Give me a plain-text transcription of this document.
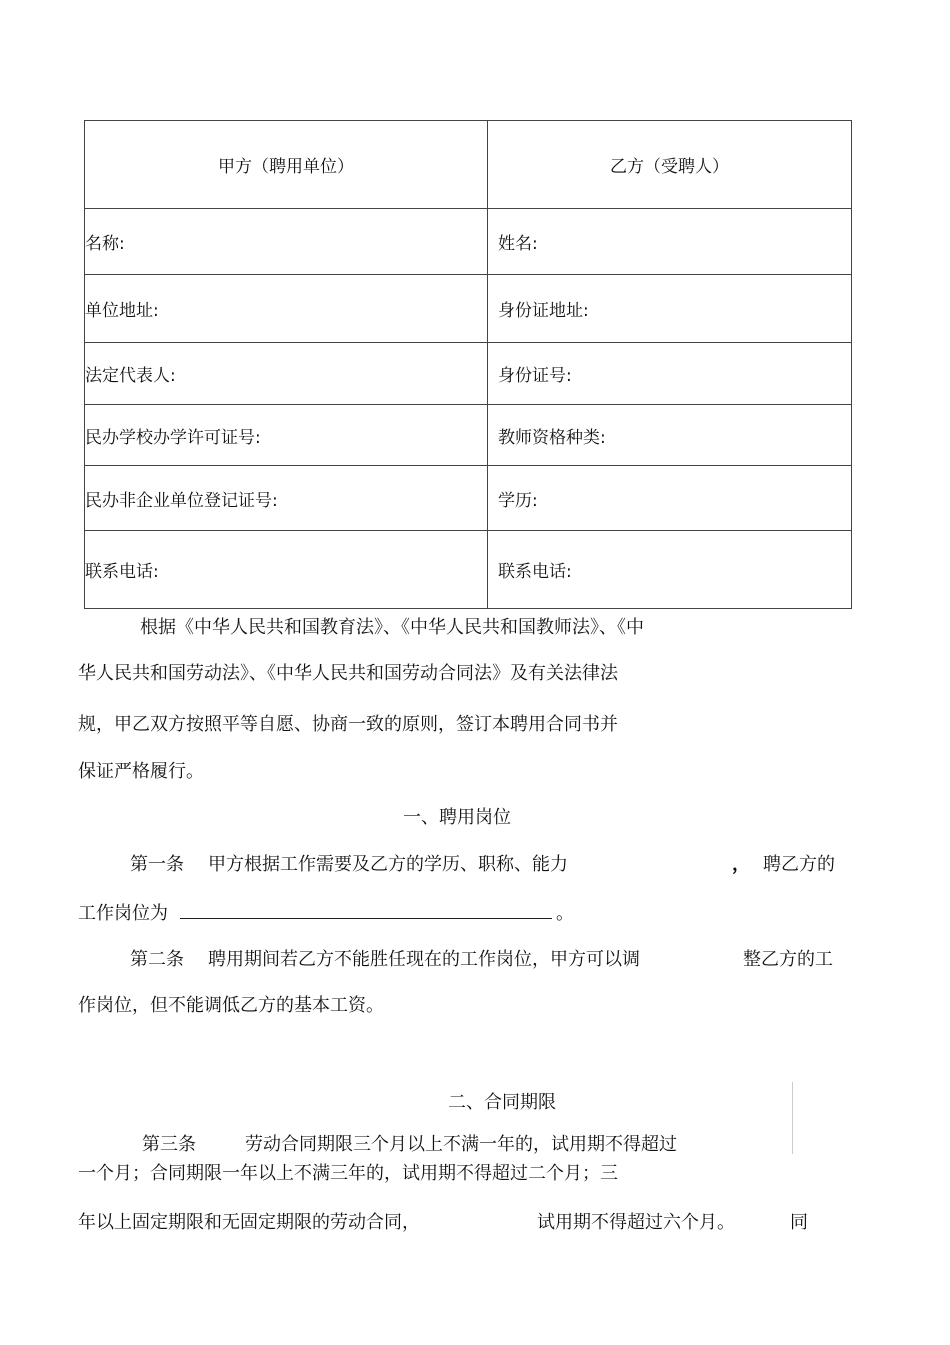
甲方（聘用单位）	乙方（受聘人）
名称:	姓名:
单位地址:	身份证地址:
法定代表人:	身份证号:
民办学校办学许可证号:	教师资格种类:
民办非企业单位登记证号:	学历:
联系电话:	联系电话:
根据《中华人民共和国教育法》、《中华人民共和国教师法》、《中
华人民共和国劳动法》、《中华人民共和国劳动合同法》及有关法律法
规，甲乙双方按照平等自愿、协商一致的原则，签订本聘用合同书并
保证严格履行。
一、聘用岗位
第一条 甲方根据工作需要及乙方的学历、职称、能力	， 聘乙方的
工作岗位为	。
第二条 聘用期间若乙方不能胜任现在的工作岗位，甲方可以调	整乙方的工
作岗位，但不能调低乙方的基本工资。
二、合同期限
第三条	劳动合同期限三个月以上不满一年的，试用期不得超过
一个月；合同期限一年以上不满三年的，试用期不得超过二个月；三
年以上固定期限和无固定期限的劳动合同，	试用期不得超过六个月。	同
